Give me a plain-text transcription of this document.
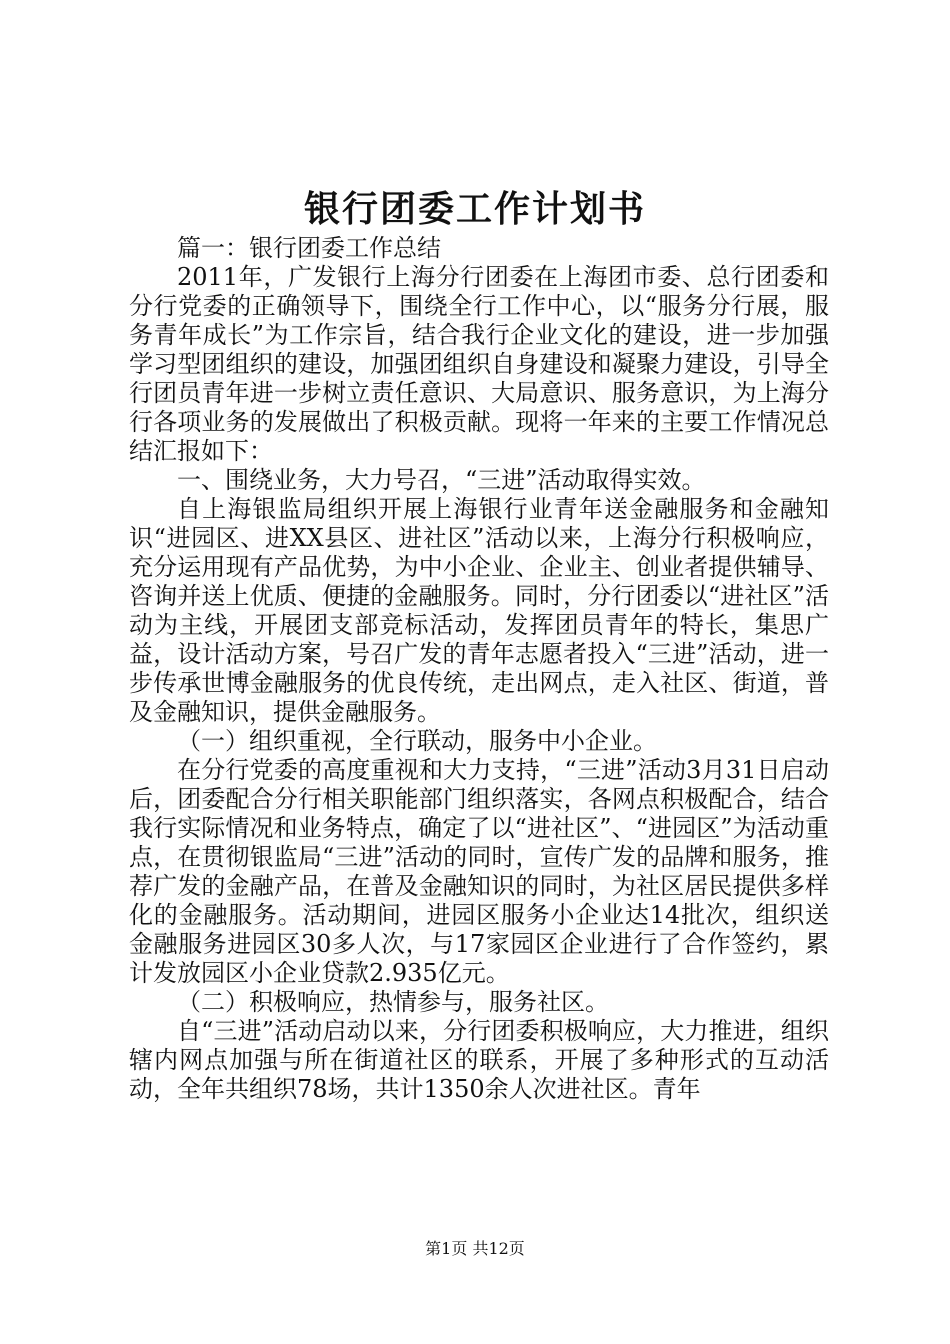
银行团委工作计划书

篇一：银行团委工作总结

2011年，广发银行上海分行团委在上海团市委、总行团委和分行党委的正确领导下，围绕全行工作中心，以“服务分行展，服务青年成长”为工作宗旨，结合我行企业文化的建设，进一步加强学习型团组织的建设，加强团组织自身建设和凝聚力建设，引导全行团员青年进一步树立责任意识、大局意识、服务意识，为上海分行各项业务的发展做出了积极贡献。现将一年来的主要工作情况总结汇报如下：

一、围绕业务，大力号召，“三进”活动取得实效。

自上海银监局组织开展上海银行业青年送金融服务和金融知识“进园区、进XX县区、进社区”活动以来，上海分行积极响应，充分运用现有产品优势，为中小企业、企业主、创业者提供辅导、咨询并送上优质、便捷的金融服务。同时，分行团委以“进社区”活动为主线，开展团支部竞标活动，发挥团员青年的特长，集思广益，设计活动方案，号召广发的青年志愿者投入“三进”活动，进一步传承世博金融服务的优良传统，走出网点，走入社区、街道，普及金融知识，提供金融服务。

（一）组织重视，全行联动，服务中小企业。

在分行党委的高度重视和大力支持，“三进”活动3月31日启动后，团委配合分行相关职能部门组织落实，各网点积极配合，结合我行实际情况和业务特点，确定了以“进社区”、“进园区”为活动重点，在贯彻银监局“三进”活动的同时，宣传广发的品牌和服务，推荐广发的金融产品，在普及金融知识的同时，为社区居民提供多样化的金融服务。活动期间，进园区服务小企业达14批次，组织送金融服务进园区30多人次，与17家园区企业进行了合作签约，累计发放园区小企业贷款2.935亿元。

（二）积极响应，热情参与，服务社区。

自“三进”活动启动以来，分行团委积极响应，大力推进，组织辖内网点加强与所在街道社区的联系，开展了多种形式的互动活动，全年共组织78场，共计1350余人次进社区。青年

第1页 共12页
